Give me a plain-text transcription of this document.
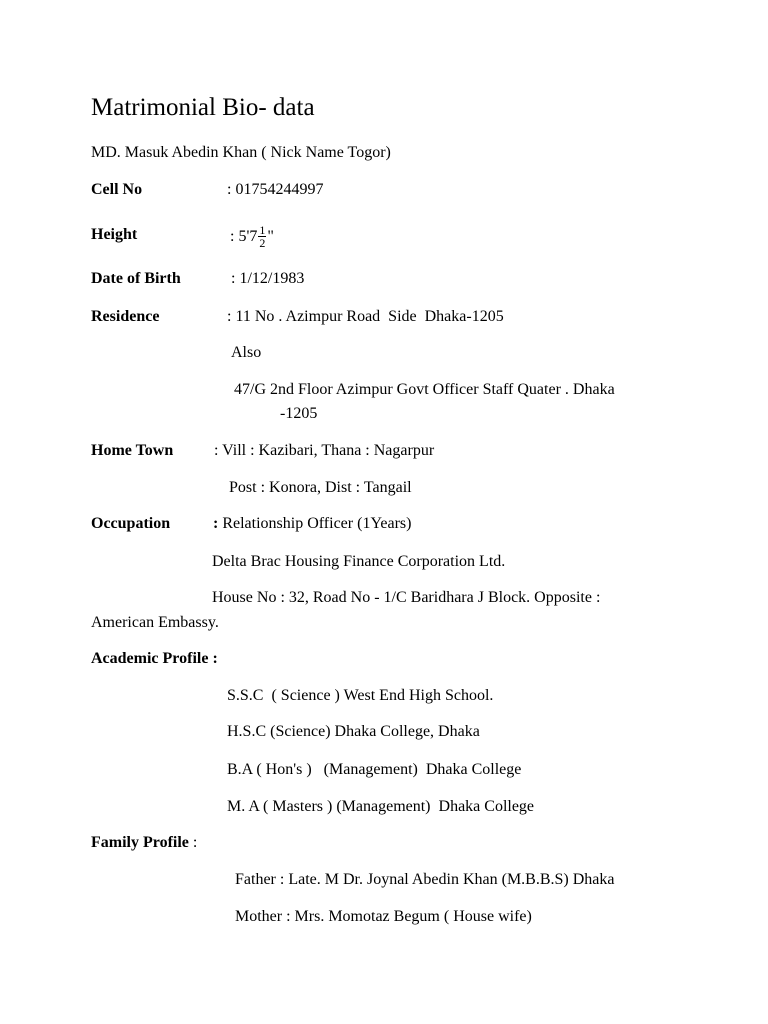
Matrimonial Bio- data
MD. Masuk Abedin Khan ( Nick Name Togor)
Cell No	: 01754244997
Height	: $5'7 \frac{1}{2}$ "
Date of Birth	: 1/12/1983
Residence	: 11 No . Azimpur Road  Side  Dhaka-1205
Also
47/G 2nd Floor Azimpur Govt Officer Staff Quater . Dhaka
-1205
Home Town	: Vill : Kazibari, Thana : Nagarpur
Post : Konora, Dist : Tangail
Occupation	: Relationship Officer (1Years)
Delta Brac Housing Finance Corporation Ltd.
House No : 32, Road No - 1/C Baridhara J Block. Opposite :
American Embassy.
Academic Profile :
S.S.C  ( Science ) West End High School.
H.S.C (Science) Dhaka College, Dhaka
B.A ( Hon's )   (Management)  Dhaka College
M. A ( Masters ) (Management)  Dhaka College
Family Profile :
Father : Late. M Dr. Joynal Abedin Khan (M.B.B.S) Dhaka
Mother : Mrs. Momotaz Begum ( House wife)
